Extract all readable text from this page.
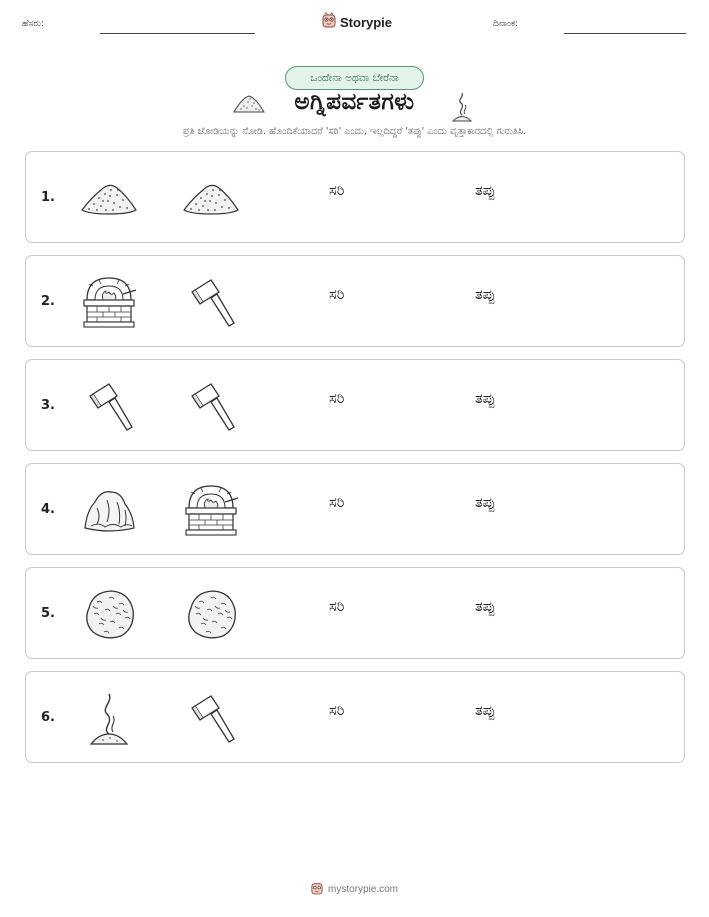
ಹೆಸರು:	Storypie	ದಿನಾಂಕ:
ಒಂದೇನಾ ಅಥವಾ ಬೇರೆನಾ
ಅಗ್ನಿಪರ್ವತಗಳು
ಪ್ರತಿ ಜೋಡಿಯನ್ನು ನೋಡಿ. ಹೊಂದಿಕೆಯಾದರೆ 'ಸರಿ' ಎಂದು, ಇಲ್ಲದಿದ್ದರೆ 'ತಪ್ಪು' ಎಂದು ವೃತ್ತಾಕಾರದಲ್ಲಿ ಗುರುತಿಸಿ.
1.	ಸರಿ	ತಪ್ಪು
2.	ಸರಿ	ತಪ್ಪು
3.	ಸರಿ	ತಪ್ಪು
4.	ಸರಿ	ತಪ್ಪು
5.	ಸರಿ	ತಪ್ಪು
6.	ಸರಿ	ತಪ್ಪು
mystorypie.com
